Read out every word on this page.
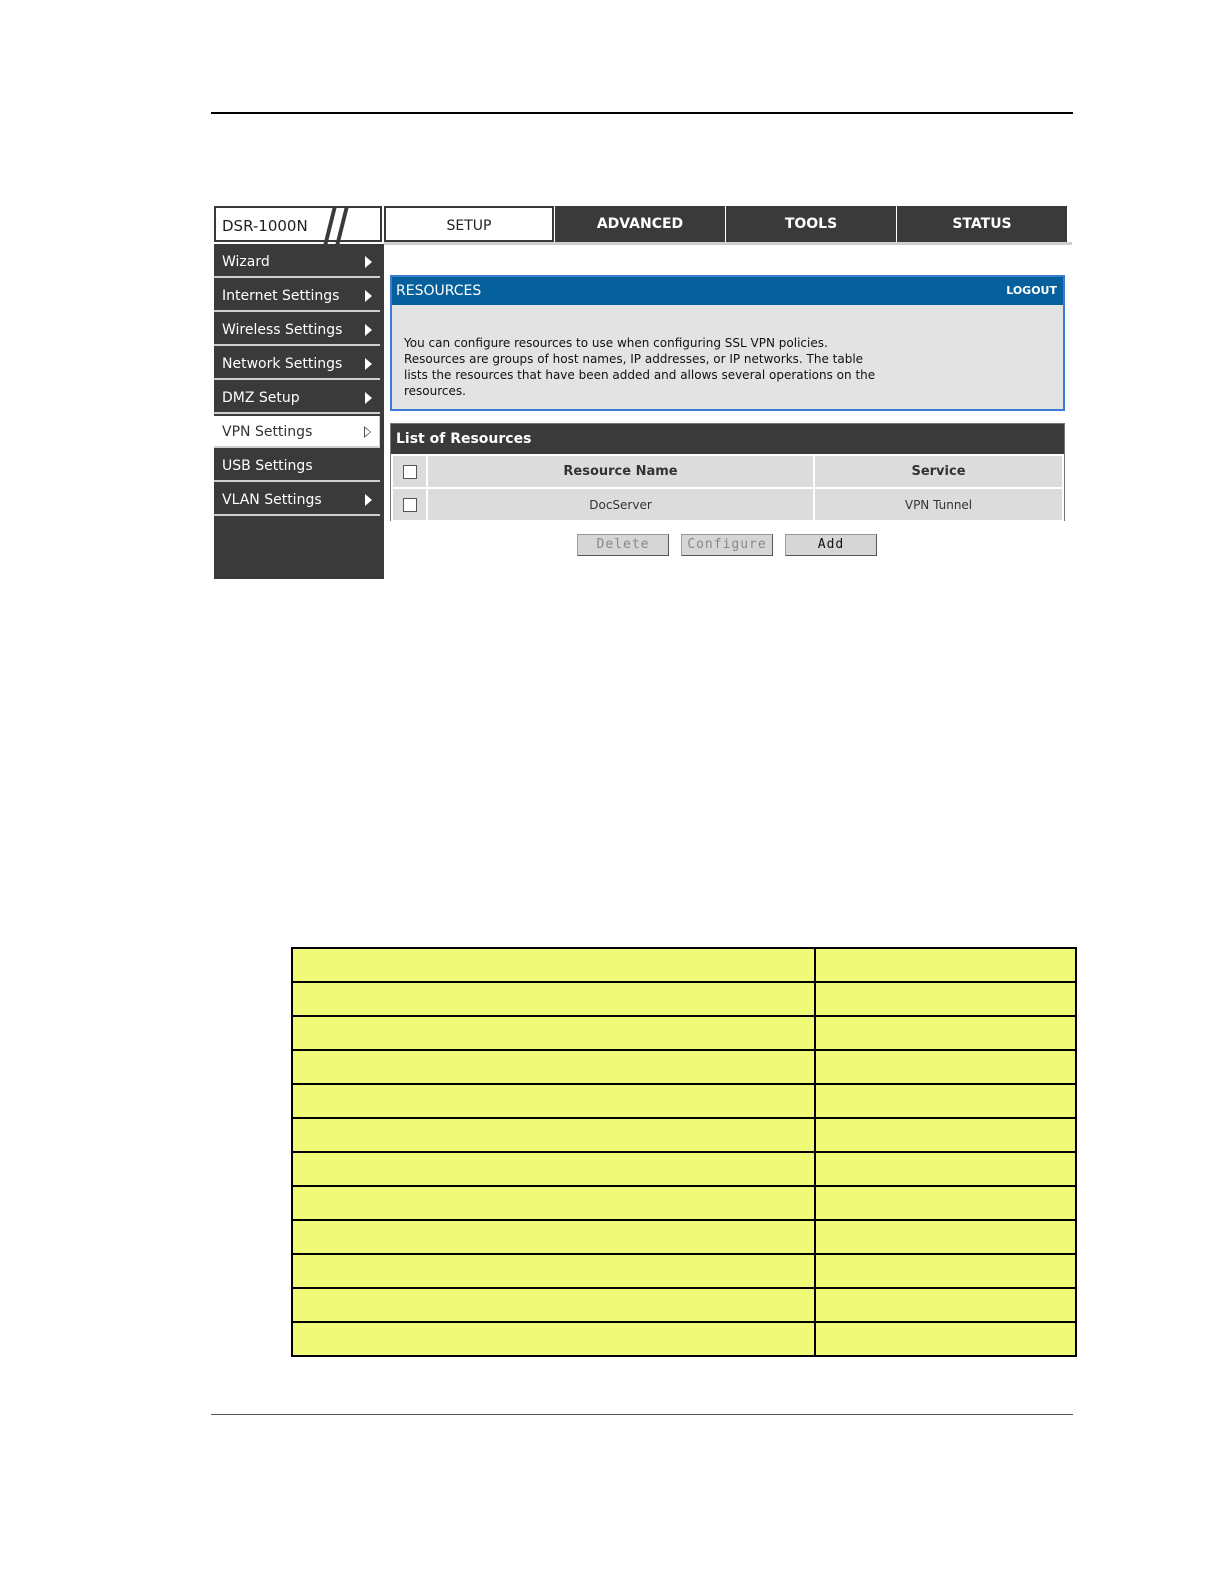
DSR-1000N	SETUP	ADVANCED	TOOLS	STATUS
Wizard
Internet Settings
Wireless Settings
Network Settings
DMZ Setup
VPN Settings
USB Settings
VLAN Settings
RESOURCES	LOGOUT
You can configure resources to use when configuring SSL VPN policies. Resources are groups of host names, IP addresses, or IP networks. The table lists the resources that have been added and allows several operations on the resources.
List of Resources
	Resource Name	Service
	DocServer	VPN Tunnel
Delete	Configure	Add
